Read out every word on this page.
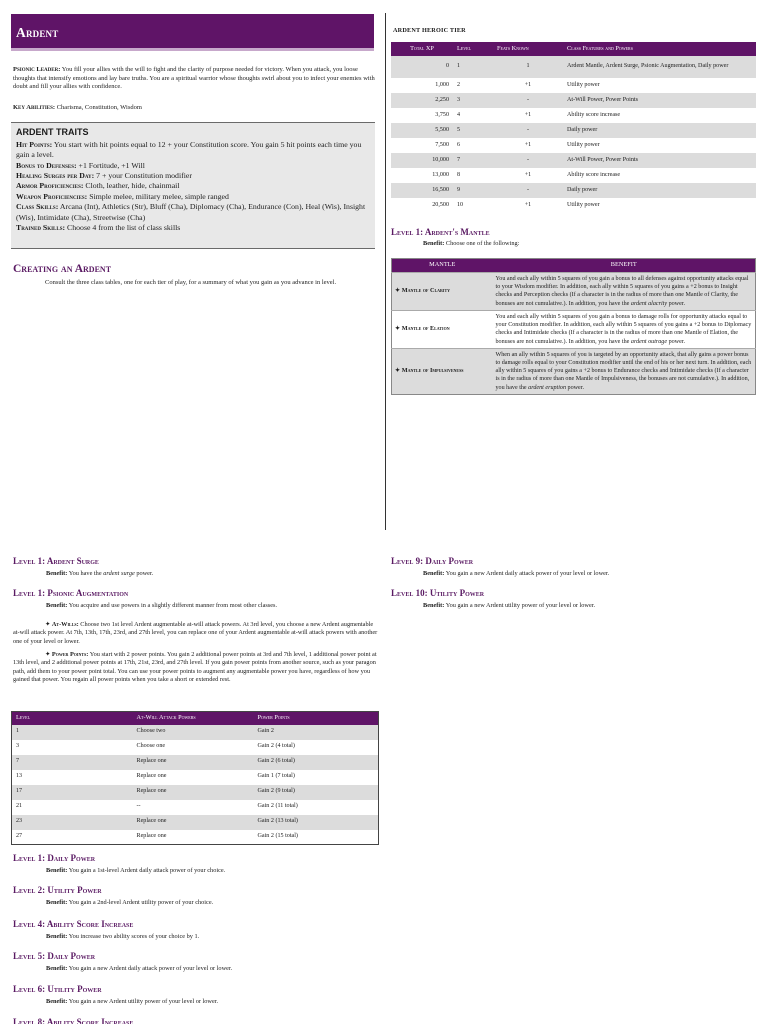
Ardent
Psionic Leader: You fill your allies with the will to fight and the clarity of purpose needed for victory. When you attack, you loose thoughts that intensify emotions and lay bare truths. You are a spiritual warrior whose thoughts swirl about you to infect your enemies with doubt and fill your allies with confidence.
Key Abilities: Charisma, Constitution, Wisdom
ARDENT TRAITS
Hit Points: You start with hit points equal to 12 + your Constitution score. You gain 5 hit points each time you gain a level.
Bonus to Defenses: +1 Fortitude, +1 Will
Healing Surges per Day: 7 + your Constitution modifier
Armor Proficiencies: Cloth, leather, hide, chainmail
Weapon Proficiencies: Simple melee, military melee, simple ranged
Class Skills: Arcana (Int), Athletics (Str), Bluff (Cha), Diplomacy (Cha), Endurance (Con), Heal (Wis), Insight (Wis), Intimidate (Cha), Streetwise (Cha)
Trained Skills: Choose 4 from the list of class skills
Creating an Ardent
Consult the three class tables, one for each tier of play, for a summary of what you gain as you advance in level.
ARDENT HEROIC TIER
Total XP	Level	Feats Known	Class Features and Powers
0	1	1	Ardent Mantle, Ardent Surge, Psionic Augmentation, Daily power
1,000	2	+1	Utility power
2,250	3	-	At-Will Power, Power Points
3,750	4	+1	Ability score increase
5,500	5	-	Daily power
7,500	6	+1	Utility power
10,000	7	-	At-Will Power, Power Points
13,000	8	+1	Ability score increase
16,500	9	-	Daily power
20,500	10	+1	Utility power
Level 1: Ardent's Mantle
Benefit: Choose one of the following:
MANTLE	BENEFIT
✦ Mantle of Clarity	You and each ally within 5 squares of you gain a bonus to all defenses against opportunity attacks equal to your Wisdom modifier. In addition, each ally within 5 squares of you gains a +2 bonus to Insight checks and Perception checks (If a character is in the radius of more than one Mantle of Clarity, the bonuses are not cumulative.). In addition, you have the ardent alacrity power.
✦ Mantle of Elation	You and each ally within 5 squares of you gain a bonus to damage rolls for opportunity attacks equal to your Constitution modifier. In addition, each ally within 5 squares of you gains a +2 bonus to Diplomacy checks and Intimidate checks (If a character is in the radius of more than one Mantle of Elation, the bonuses are not cumulative.). In addition, you have the ardent outrage power.
✦ Mantle of Impulsiveness	When an ally within 5 squares of you is targeted by an opportunity attack, that ally gains a power bonus to damage rolls equal to your Constitution modifier until the end of his or her next turn. In addition, each ally within 5 squares of you gains a +2 bonus to Endurance checks and Intimidate checks (If a character is in the radius of more than one Mantle of Impulsiveness, the bonuses are not cumulative.). In addition, you have the ardent eruption power.
Level 1: Ardent Surge
Benefit: You have the ardent surge power.
Level 1: Psionic Augmentation
Benefit: You acquire and use powers in a slightly different manner from most other classes.
✦ At-Wills: Choose two 1st level Ardent augmentable at-will attack powers. At 3rd level, you choose a new Ardent augmentable at-will attack power. At 7th, 13th, 17th, 23rd, and 27th level, you can replace one of your Ardent augmentable at-will attack powers with another one of your level or lower.
✦ Power Points: You start with 2 power points. You gain 2 additional power points at 3rd and 7th level, 1 additional power point at 13th level, and 2 additional power points at 17th, 21st, 23rd, and 27th level. If you gain power points from another source, such as your paragon path, add them to your power point total. You can use your power points to augment any augmentable power you have, regardless of how you gained that power. You regain all power points when you take a short or extended rest.
Level	At-Will Attack Powers	Power Points
1	Choose two	Gain 2
3	Choose one	Gain 2 (4 total)
7	Replace one	Gain 2 (6 total)
13	Replace one	Gain 1 (7 total)
17	Replace one	Gain 2 (9 total)
21	--	Gain 2 (11 total)
23	Replace one	Gain 2 (13 total)
27	Replace one	Gain 2 (15 total)
Level 1: Daily Power
Benefit: You gain a 1st-level Ardent daily attack power of your choice.
Level 2: Utility Power
Benefit: You gain a 2nd-level Ardent utility power of your choice.
Level 4: Ability Score Increase
Benefit: You increase two ability scores of your choice by 1.
Level 5: Daily Power
Benefit: You gain a new Ardent daily attack power of your level or lower.
Level 6: Utility Power
Benefit: You gain a new Ardent utility power of your level or lower.
Level 8: Ability Score Increase
Level 9: Daily Power
Benefit: You gain a new Ardent daily attack power of your level or lower.
Level 10: Utility Power
Benefit: You gain a new Ardent utility power of your level or lower.
